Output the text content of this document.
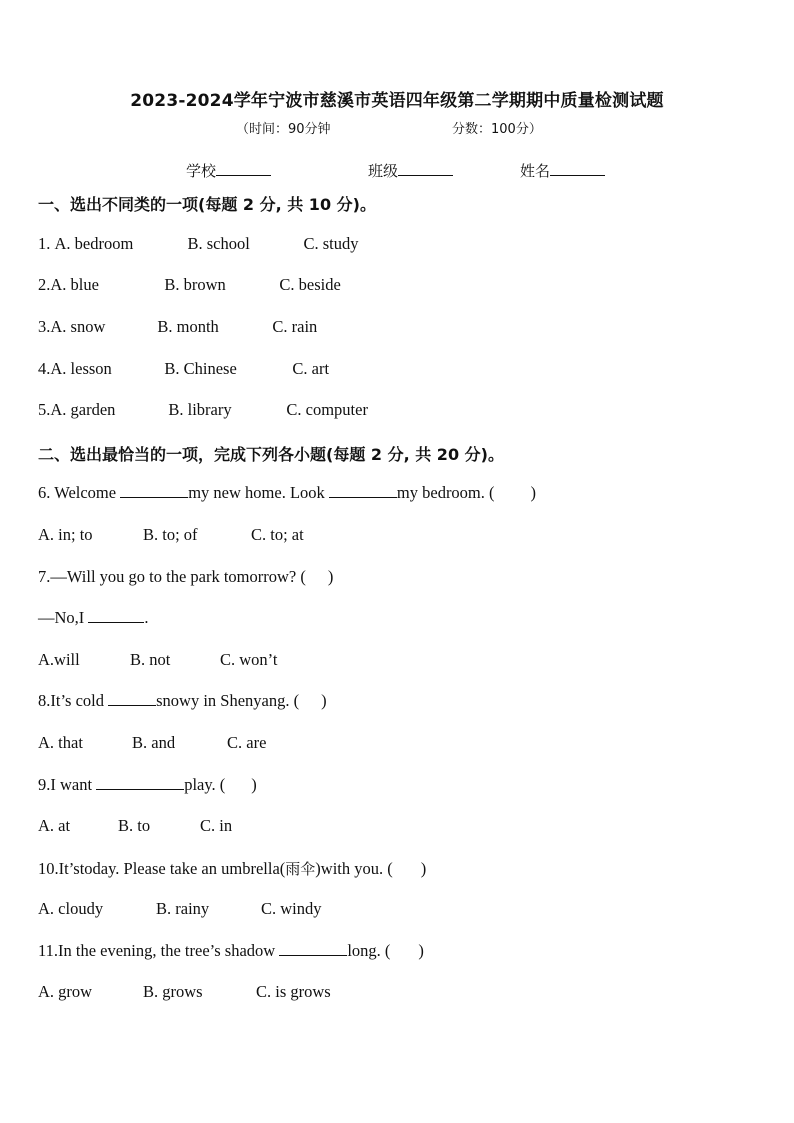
2023-2024学年宁波市慈溪市英语四年级第二学期期中质量检测试题
（时间：90分钟	分数：100分）
学校	班级	姓名
一、选出不同类的一项(每题 2 分, 共 10 分)。
1. A. bedroom	B. school	C. study
2.A. blue	B. brown	C. beside
3.A. snow	B. month	C. rain
4.A. lesson	B. Chinese	C. art
5.A. garden	B. library	C. computer
二、选出最恰当的一项，完成下列各小题(每题 2 分, 共 20 分)。
6. Welcome	my new home. Look	my bedroom. ( )
A. in; to	B. to; of	C. to; at
7.—Will you go to the park tomorrow? ( )
—No,I	.
A.will	B. not	C. won’t
8.It’s cold	snowy in Shenyang. ( )
A. that	B. and	C. are
9.I want	play. ( )
A. at	B. to	C. in
10.It’stoday. Please take an umbrella(雨伞)with you. ( )
A. cloudy	B. rainy	C. windy
11.In the evening, the tree’s shadow	long. ( )
A. grow	B. grows	C. is grows
